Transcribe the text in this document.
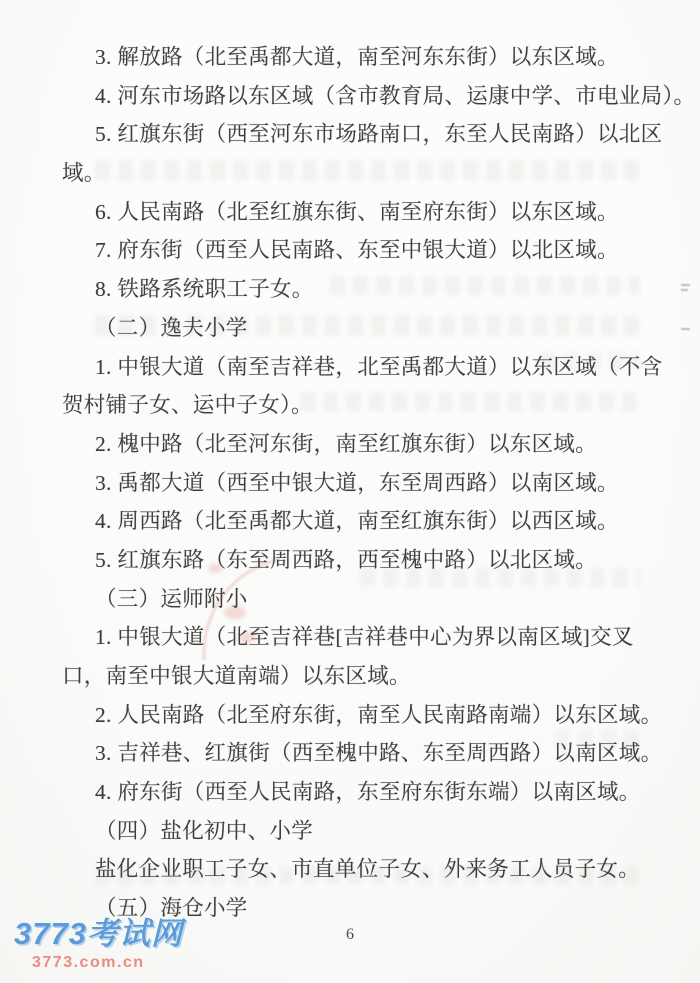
3. 解放路（北至禹都大道，南至河东东街）以东区域。
4. 河东市场路以东区域（含市教育局、运康中学、市电业局）。
5. 红旗东街（西至河东市场路南口，东至人民南路）以北区
域。
6. 人民南路（北至红旗东街、南至府东街）以东区域。
7. 府东街（西至人民南路、东至中银大道）以北区域。
8. 铁路系统职工子女。
（二）逸夫小学
1. 中银大道（南至吉祥巷，北至禹都大道）以东区域（不含
贺村铺子女、运中子女）。
2. 槐中路（北至河东街，南至红旗东街）以东区域。
3. 禹都大道（西至中银大道，东至周西路）以南区域。
4. 周西路（北至禹都大道，南至红旗东街）以西区域。
5. 红旗东路（东至周西路，西至槐中路）以北区域。
（三）运师附小
1. 中银大道（北至吉祥巷[吉祥巷中心为界以南区域]交叉
口，南至中银大道南端）以东区域。
2. 人民南路（北至府东街，南至人民南路南端）以东区域。
3. 吉祥巷、红旗街（西至槐中路、东至周西路）以南区域。
4. 府东街（西至人民南路，东至府东街东端）以南区域。
（四）盐化初中、小学
盐化企业职工子女、市直单位子女、外来务工人员子女。
（五）海仓小学
6
3773考试网
3773.com.cn
